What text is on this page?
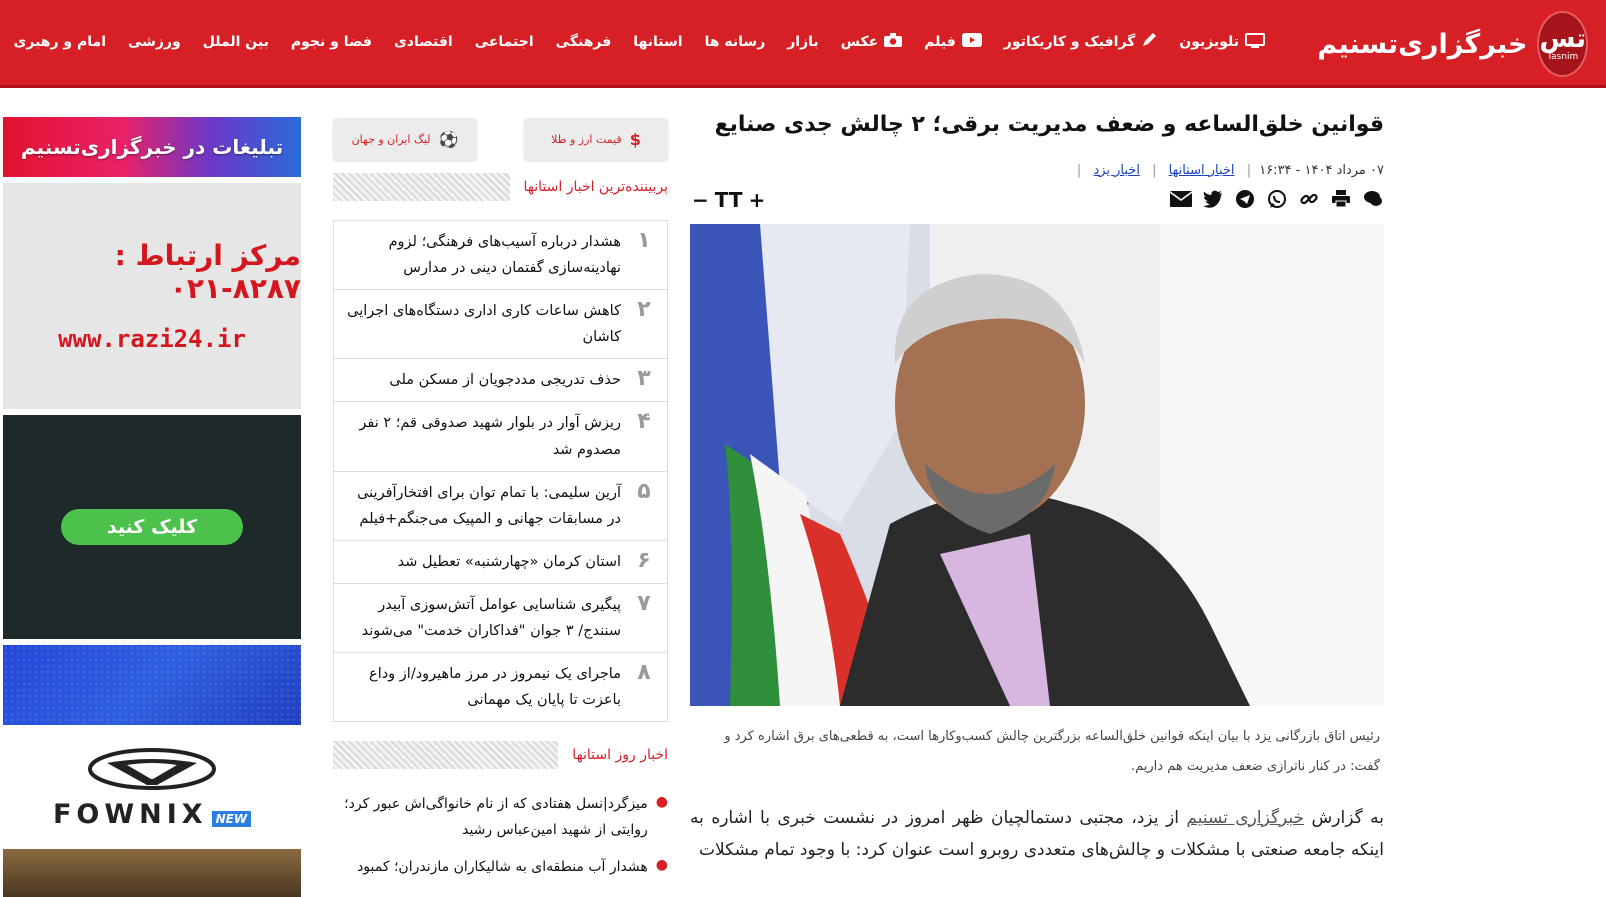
خبرگزاری‌تسنیم تس
Tasnim
امام و رهبری ورزشی بین الملل فضا و نجوم اقتصادی اجتماعی فرهنگی استانها رسانه ها بازار عکس	فیلم	گرافیک و کاریکاتور	تلویزیون
قوانین خلق‌الساعه و ضعف مدیریت برقی؛ ۲ چالش جدی صنایع
۰۷ مرداد ۱۴۰۴ - ۱۶:۳۴ | اخبار استانها | اخبار یزد |
− TT +

رئیس اتاق بازرگانی یزد با بیان اینکه قوانین خلق‌الساعه بزرگترین چالش کسب‌وکارها است، به قطعی‌های برق اشاره کرد و گفت: در کنار ناترازی ضعف مدیریت هم داریم.

به گزارش خبرگزاری تسنیم از یزد، مجتبی دستمالچیان ظهر امروز در نشست خبری با اشاره به اینکه جامعه صنعتی با مشکلات و چالش‌های متعددی روبرو است عنوان کرد: با وجود تمام مشکلات

$
قیمت ارز و طلا
⚽
لیگ ایران و جهان
پربیننده‌ترین اخبار استانها
۱
هشدار درباره آسیب‌های فرهنگی؛ لزوم نهادینه‌سازی گفتمان دینی در مدارس
۲
کاهش ساعات کاری اداری دستگاه‌های اجرایی کاشان
۳
حذف تدریجی مددجویان از مسکن ملی
۴
ریزش آوار در بلوار شهید صدوقی قم؛ ۲ نفر مصدوم شد
۵
آرین سلیمی: با تمام توان برای افتخارآفرینی در مسابقات جهانی و المپیک می‌جنگم+فیلم
۶
استان کرمان «چهارشنبه» تعطیل شد
۷
پیگیری شناسایی عوامل آتش‌سوزی آبیدر سنندج/ ۳ جوان "فداکاران خدمت" می‌شوند
۸
ماجرای یک نیمروز در مرز ماهیرود/از وداع باعزت تا پایان یک مهمانی
اخبار روز استانها
●
میزگرد|نسل هفتادی که از نام خانوا‌گی‌اش عبور کرد؛ روایتی از شهید امین‌عباس رشید
●
هشدار آب منطقه‌ای به شالیکاران مازندران؛ کمبود
تبلیغات در خبرگزاری‌تسنیم
مرکز ارتباط : ۸۲۸۷-۰۲۱
www.razi24.ir
کلیک کنید
FOWNIX NEW
